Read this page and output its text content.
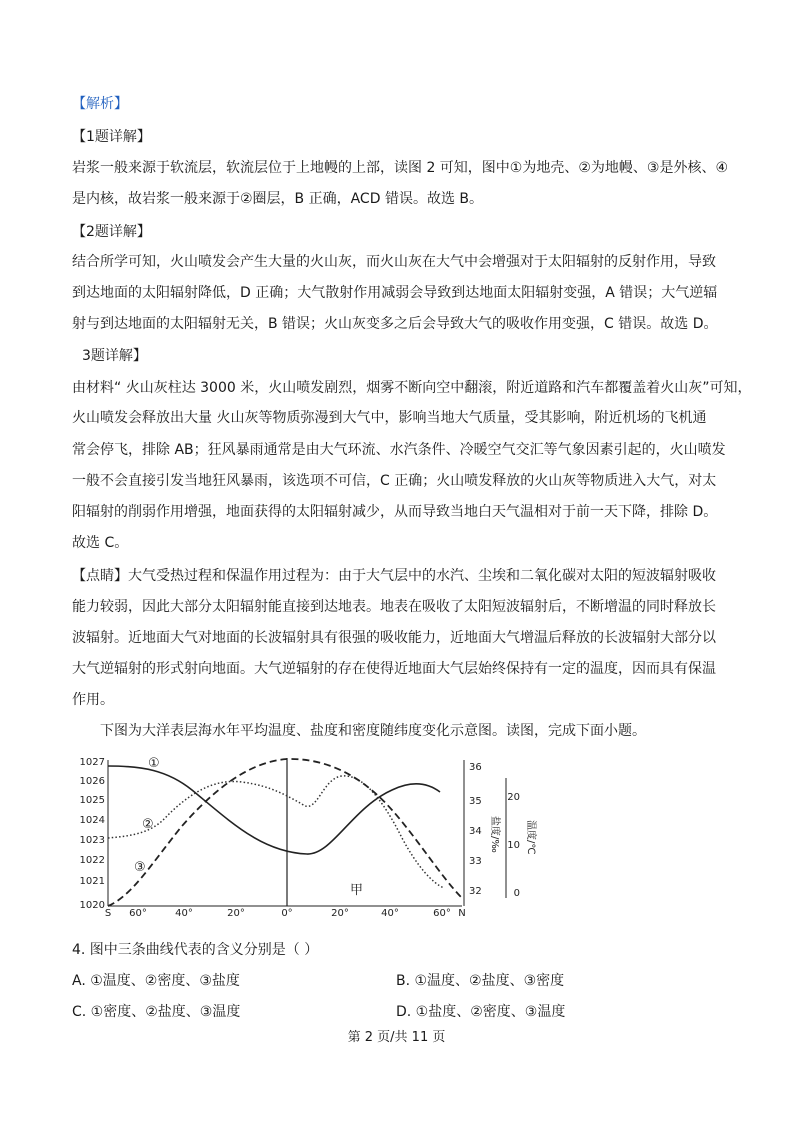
【解析】
【1题详解】
岩浆一般来源于软流层，软流层位于上地幔的上部，读图 2 可知，图中①为地壳、②为地幔、③是外核、④
是内核，故岩浆一般来源于②圈层，B 正确，ACD 错误。故选 B。
【2题详解】
结合所学可知，火山喷发会产生大量的火山灰，而火山灰在大气中会增强对于太阳辐射的反射作用，导致
到达地面的太阳辐射降低，D 正确；大气散射作用减弱会导致到达地面太阳辐射变强，A 错误；大气逆辐
射与到达地面的太阳辐射无关，B 错误；火山灰变多之后会导致大气的吸收作用变强，C 错误。故选 D。
3题详解】
由材料“ 火山灰柱达 3000 米，火山喷发剧烈，烟雾不断向空中翻滚，附近道路和汽车都覆盖着火山灰”可知，
火山喷发会释放出大量 火山灰等物质弥漫到大气中，影响当地大气质量，受其影响，附近机场的飞机通
常会停飞，排除 AB；狂风暴雨通常是由大气环流、水汽条件、冷暖空气交汇等气象因素引起的，火山喷发
一般不会直接引发当地狂风暴雨，该选项不可信，C 正确；火山喷发释放的火山灰等物质进入大气，对太
阳辐射的削弱作用增强，地面获得的太阳辐射减少，从而导致当地白天气温相对于前一天下降，排除 D。
故选 C。
【点睛】大气受热过程和保温作用过程为：由于大气层中的水汽、尘埃和二氧化碳对太阳的短波辐射吸收
能力较弱，因此大部分太阳辐射能直接到达地表。地表在吸收了太阳短波辐射后，不断增温的同时释放长
波辐射。近地面大气对地面的长波辐射具有很强的吸收能力，近地面大气增温后释放的长波辐射大部分以
大气逆辐射的形式射向地面。大气逆辐射的存在使得近地面大气层始终保持有一定的温度，因而具有保温
作用。
下图为大洋表层海水年平均温度、盐度和密度随纬度变化示意图。读图，完成下面小题。
1027
1026
1025
1024
1023
1022
1021
1020
36
35
34
33
32
盐度/‰
20
10
0
温度/℃
S 60°	40°	20°	0°	20°	40°	60° N
①
②
③
甲
4. 图中三条曲线代表的含义分别是（ ）
A. ①温度、②密度、③盐度	B. ①温度、②盐度、③密度
C. ①密度、②盐度、③温度	D. ①盐度、②密度、③温度
第 2 页/共 11 页
